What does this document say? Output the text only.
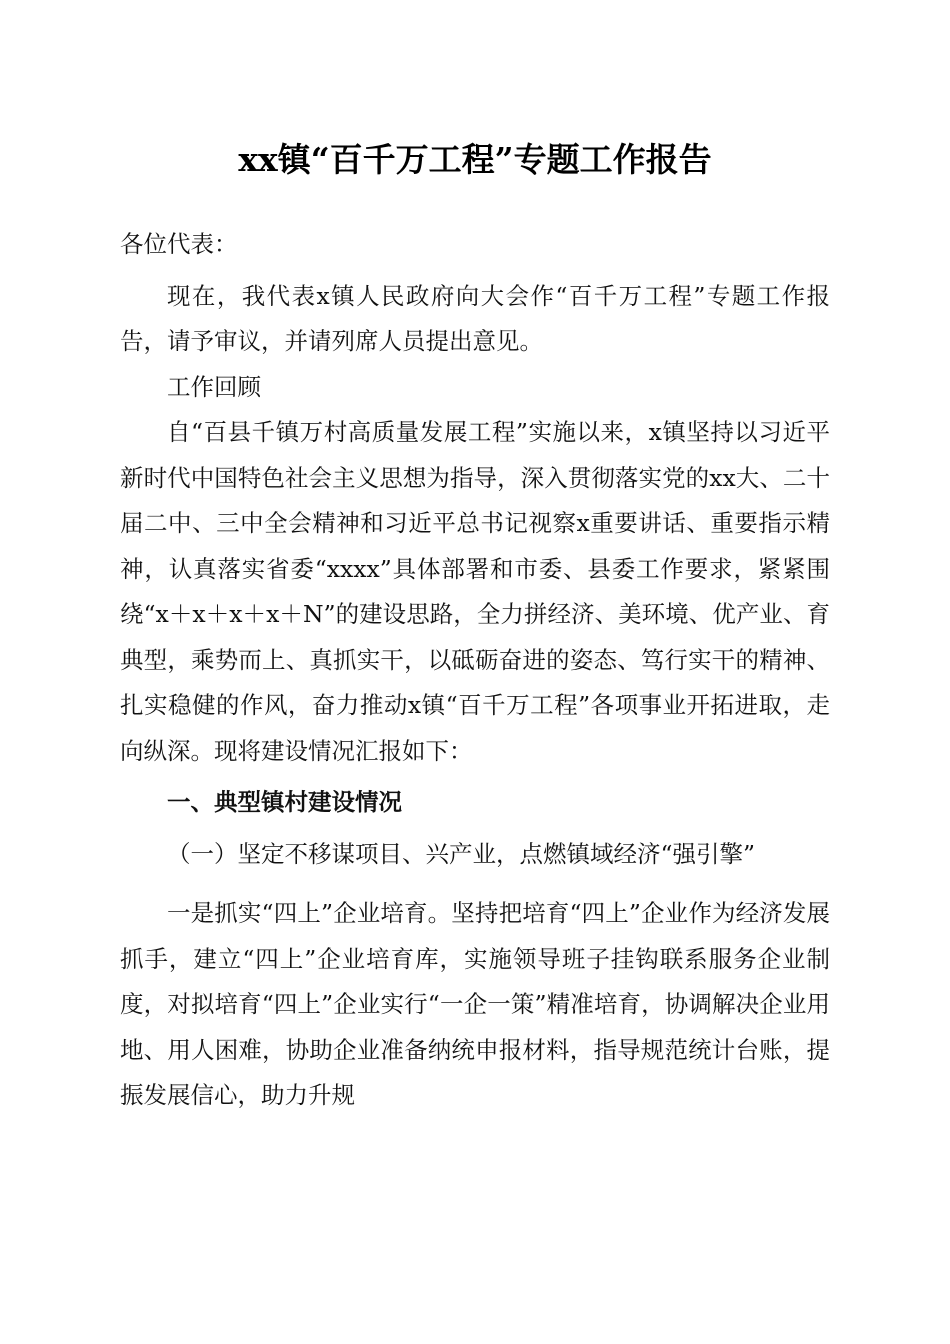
xx镇“百千万工程”专题工作报告

各位代表：

现在，我代表x镇人民政府向大会作“百千万工程”专题工作报告，请予审议，并请列席人员提出意见。

工作回顾

自“百县千镇万村高质量发展工程”实施以来，x镇坚持以习近平新时代中国特色社会主义思想为指导，深入贯彻落实党的xx大、二十届二中、三中全会精神和习近平总书记视察x重要讲话、重要指示精神，认真落实省委“xxxx”具体部署和市委、县委工作要求，紧紧围绕“x＋x＋x＋x＋N”的建设思路，全力拼经济、美环境、优产业、育典型，乘势而上、真抓实干，以砥砺奋进的姿态、笃行实干的精神、扎实稳健的作风，奋力推动x镇“百千万工程”各项事业开拓进取，走向纵深。现将建设情况汇报如下：

一、典型镇村建设情况

（一）坚定不移谋项目、兴产业，点燃镇域经济“强引擎”

一是抓实“四上”企业培育。坚持把培育“四上”企业作为经济发展抓手，建立“四上”企业培育库，实施领导班子挂钩联系服务企业制度，对拟培育“四上”企业实行“一企一策”精准培育，协调解决企业用地、用人困难，协助企业准备纳统申报材料，指导规范统计台账，提振发展信心，助力升规
